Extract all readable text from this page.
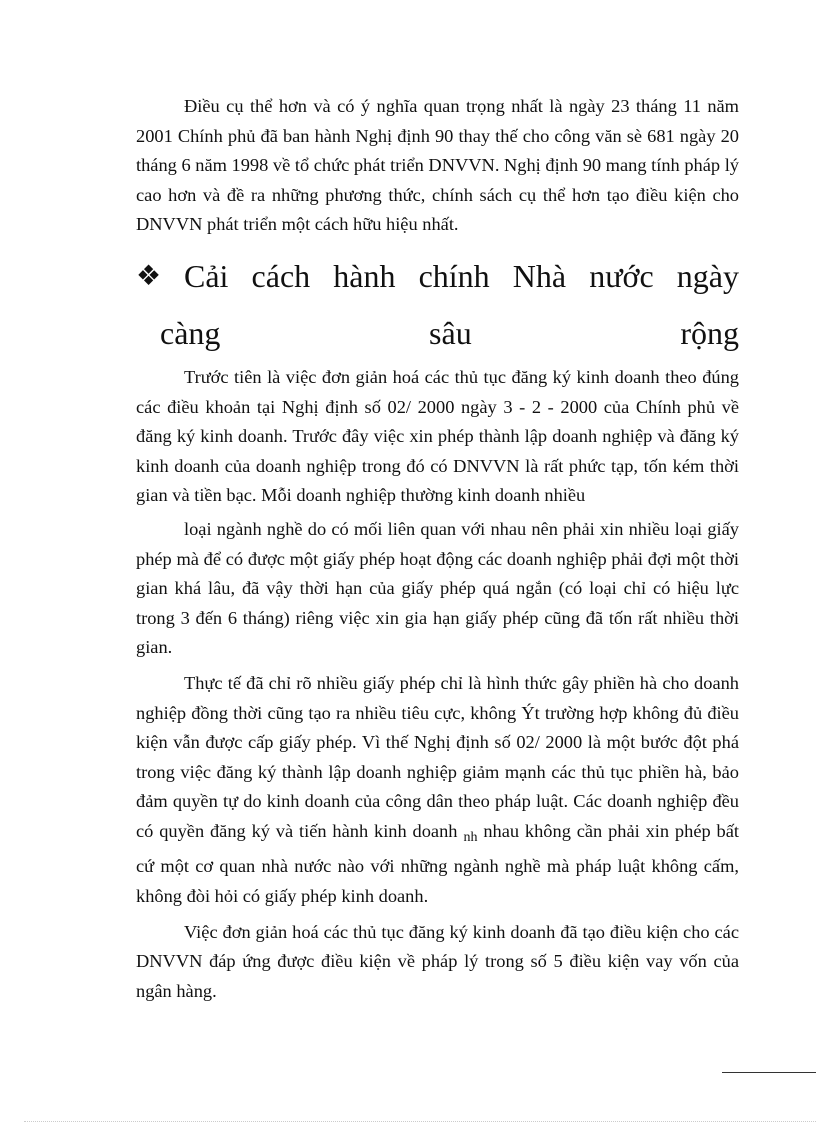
Điều cụ thể hơn và có ý nghĩa quan trọng nhất là ngày 23 tháng 11 năm 2001 Chính phủ đã ban hành Nghị định 90 thay thế cho công văn sè 681 ngày 20 tháng 6 năm 1998 về tổ chức phát triển DNVVN. Nghị định 90 mang tính pháp lý cao hơn và đề ra những phương thức, chính sách cụ thể hơn tạo điều kiện cho DNVVN phát triển một cách hữu hiệu nhất.

❖ Cải cách hành chính Nhà nước ngày
càng sâu rộng

Trước tiên là việc đơn giản hoá các thủ tục đăng ký kinh doanh theo đúng các điều khoản tại Nghị định số 02/ 2000 ngày 3 - 2 - 2000 của Chính phủ về đăng ký kinh doanh. Trước đây việc xin phép thành lập doanh nghiệp và đăng ký kinh doanh của doanh nghiệp trong đó có DNVVN là rất phức tạp, tốn kém thời gian và tiền bạc. Mỗi doanh nghiệp thường kinh doanh nhiều

loại ngành nghề do có mối liên quan với nhau nên phải xin nhiều loại giấy phép mà để có được một giấy phép hoạt động các doanh nghiệp phải đợi một thời gian khá lâu, đã vậy thời hạn của giấy phép quá ngắn (có loại chỉ có hiệu lực trong 3 đến 6 tháng) riêng việc xin gia hạn giấy phép cũng đã tốn rất nhiều thời gian.

Thực tế đã chỉ rõ nhiều giấy phép chỉ là hình thức gây phiền hà cho doanh nghiệp đồng thời cũng tạo ra nhiều tiêu cực, không Ýt trường hợp không đủ điều kiện vẫn được cấp giấy phép. Vì thế Nghị định số 02/ 2000 là một bước đột phá trong việc đăng ký thành lập doanh nghiệp giảm mạnh các thủ tục phiền hà, bảo đảm quyền tự do kinh doanh của công dân theo pháp luật. Các doanh nghiệp đều có quyền đăng ký và tiến hành kinh doanh $_{nh}$ nhau không cần phải xin phép bất cứ một cơ quan nhà nước nào với những ngành nghề mà pháp luật không cấm, không đòi hỏi có giấy phép kinh doanh.

Việc đơn giản hoá các thủ tục đăng ký kinh doanh đã tạo điều kiện cho các DNVVN đáp ứng được điều kiện về pháp lý trong số 5 điều kiện vay vốn của ngân hàng.
